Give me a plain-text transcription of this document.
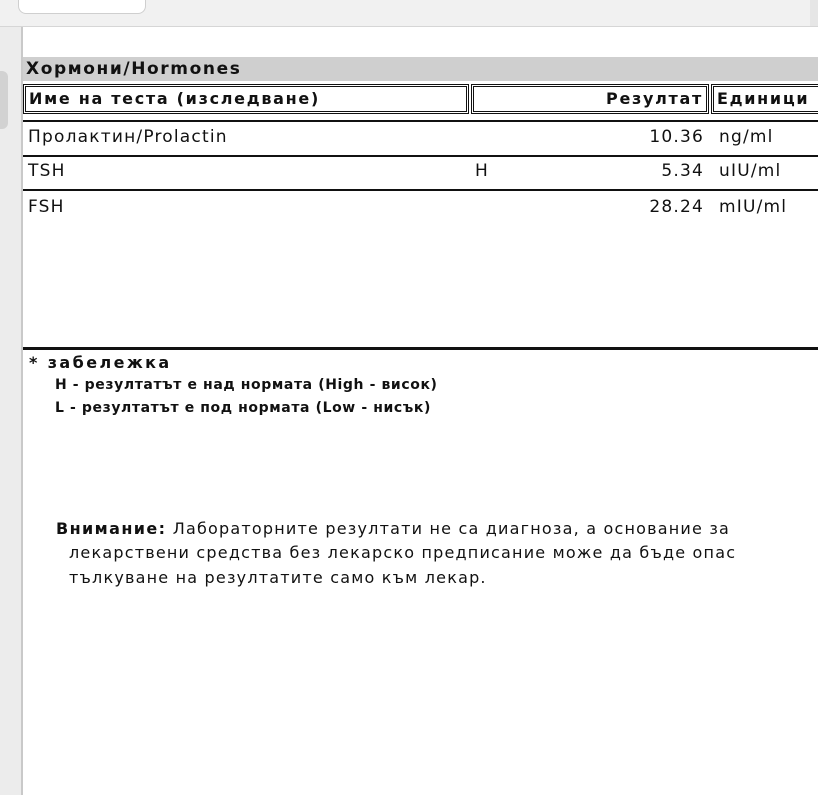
Хормони/Hormones
Име на теста (изследване)	Резултат Единици
Пролактин/Prolactin	10.36 ng/ml
TSH	H	5.34 uIU/ml
FSH	28.24 mIU/ml
* забележка
H - резултатът е над нормата (High - висок)
L - резултатът е под нормата (Low - нисък)
Внимание: Лабораторните резултати не са диагноза, а основание за
лекарствени средства без лекарско предписание може да бъде опас
тълкуване на резултатите само към лекар.
